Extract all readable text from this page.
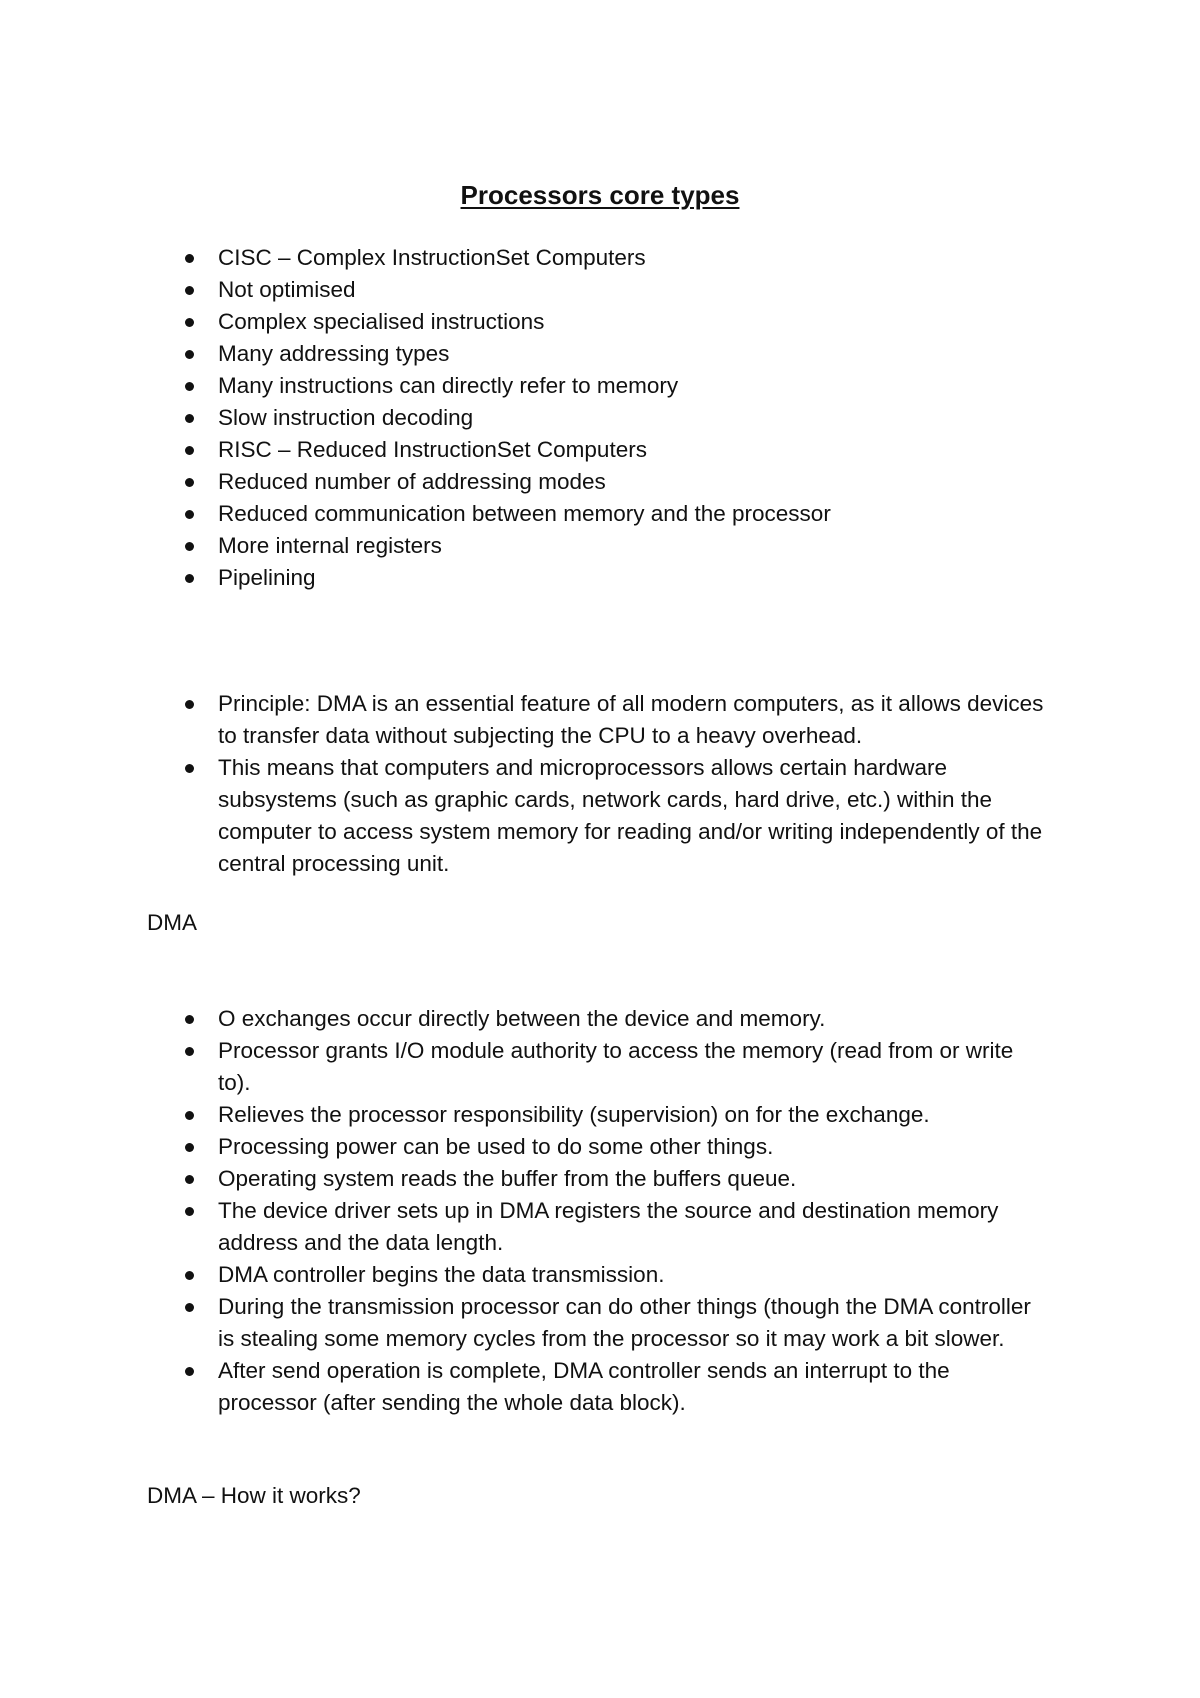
Processors core types
CISC – Complex InstructionSet Computers
Not optimised
Complex specialised instructions
Many addressing types
Many instructions can directly refer to memory
Slow instruction decoding
RISC – Reduced InstructionSet Computers
Reduced number of addressing modes
Reduced communication between memory and the processor
More internal registers
Pipelining
Principle: DMA is an essential feature of all modern computers, as it allows devices to transfer data without subjecting the CPU to a heavy overhead.
This means that computers and microprocessors allows certain hardware subsystems (such as graphic cards, network cards, hard drive, etc.) within the computer to access system memory for reading and/or writing independently of the central processing unit.
DMA
O exchanges occur directly between the device and memory.
Processor grants I/O module authority to access the memory (read from or write to).
Relieves the processor responsibility (supervision) on for the exchange.
Processing power can be used to do some other things.
Operating system reads the buffer from the buffers queue.
The device driver sets up in DMA registers the source and destination memory address and the data length.
DMA controller begins the data transmission.
During the transmission processor can do other things (though the DMA controller is stealing some memory cycles from the processor so it may work a bit slower.
After send operation is complete, DMA controller sends an interrupt to the processor (after sending the whole data block).
DMA – How it works?
